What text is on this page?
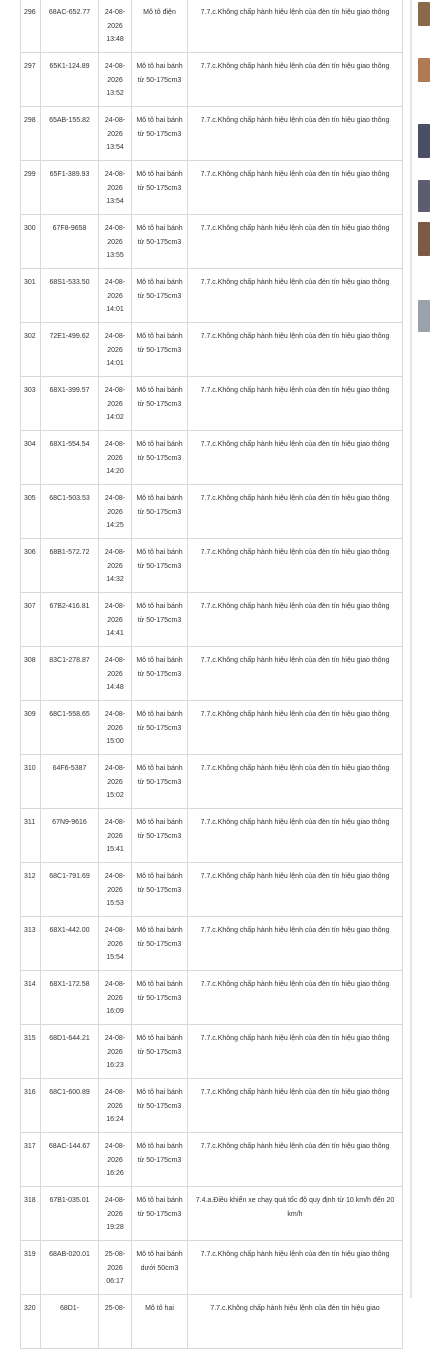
296	68AC-652.77	24-08-2026 13:48	Mô tô điện	7.7.c.Không chấp hành hiệu lệnh của đèn tín hiệu giao thông
297	65K1-124.89	24-08-2026 13:52	Mô tô hai bánh từ 50-175cm3	7.7.c.Không chấp hành hiệu lệnh của đèn tín hiệu giao thông
298	65AB-155.82	24-08-2026 13:54	Mô tô hai bánh từ 50-175cm3	7.7.c.Không chấp hành hiệu lệnh của đèn tín hiệu giao thông
299	65F1-389.93	24-08-2026 13:54	Mô tô hai bánh từ 50-175cm3	7.7.c.Không chấp hành hiệu lệnh của đèn tín hiệu giao thông
300	67F8-9658	24-08-2026 13:55	Mô tô hai bánh từ 50-175cm3	7.7.c.Không chấp hành hiệu lệnh của đèn tín hiệu giao thông
301	68S1-533.50	24-08-2026 14:01	Mô tô hai bánh từ 50-175cm3	7.7.c.Không chấp hành hiệu lệnh của đèn tín hiệu giao thông
302	72E1-499.62	24-08-2026 14:01	Mô tô hai bánh từ 50-175cm3	7.7.c.Không chấp hành hiệu lệnh của đèn tín hiệu giao thông
303	68X1-399.57	24-08-2026 14:02	Mô tô hai bánh từ 50-175cm3	7.7.c.Không chấp hành hiệu lệnh của đèn tín hiệu giao thông
304	68X1-554.54	24-08-2026 14:20	Mô tô hai bánh từ 50-175cm3	7.7.c.Không chấp hành hiệu lệnh của đèn tín hiệu giao thông
305	68C1-503.53	24-08-2026 14:25	Mô tô hai bánh từ 50-175cm3	7.7.c.Không chấp hành hiệu lệnh của đèn tín hiệu giao thông
306	68B1-572.72	24-08-2026 14:32	Mô tô hai bánh từ 50-175cm3	7.7.c.Không chấp hành hiệu lệnh của đèn tín hiệu giao thông
307	67B2-416.81	24-08-2026 14:41	Mô tô hai bánh từ 50-175cm3	7.7.c.Không chấp hành hiệu lệnh của đèn tín hiệu giao thông
308	83C1-278.87	24-08-2026 14:48	Mô tô hai bánh từ 50-175cm3	7.7.c.Không chấp hành hiệu lệnh của đèn tín hiệu giao thông
309	68C1-558.65	24-08-2026 15:00	Mô tô hai bánh từ 50-175cm3	7.7.c.Không chấp hành hiệu lệnh của đèn tín hiệu giao thông
310	64F6-5387	24-08-2026 15:02	Mô tô hai bánh từ 50-175cm3	7.7.c.Không chấp hành hiệu lệnh của đèn tín hiệu giao thông
311	67N9-9616	24-08-2026 15:41	Mô tô hai bánh từ 50-175cm3	7.7.c.Không chấp hành hiệu lệnh của đèn tín hiệu giao thông
312	68C1-791.69	24-08-2026 15:53	Mô tô hai bánh từ 50-175cm3	7.7.c.Không chấp hành hiệu lệnh của đèn tín hiệu giao thông
313	68X1-442.00	24-08-2026 15:54	Mô tô hai bánh từ 50-175cm3	7.7.c.Không chấp hành hiệu lệnh của đèn tín hiệu giao thông
314	68X1-172.58	24-08-2026 16:09	Mô tô hai bánh từ 50-175cm3	7.7.c.Không chấp hành hiệu lệnh của đèn tín hiệu giao thông
315	68D1-644.21	24-08-2026 16:23	Mô tô hai bánh từ 50-175cm3	7.7.c.Không chấp hành hiệu lệnh của đèn tín hiệu giao thông
316	68C1-600.89	24-08-2026 16:24	Mô tô hai bánh từ 50-175cm3	7.7.c.Không chấp hành hiệu lệnh của đèn tín hiệu giao thông
317	68AC-144.67	24-08-2026 16:26	Mô tô hai bánh từ 50-175cm3	7.7.c.Không chấp hành hiệu lệnh của đèn tín hiệu giao thông
318	67B1-035.01	24-08-2026 19:28	Mô tô hai bánh từ 50-175cm3	7.4.a.Điều khiển xe chạy quá tốc độ quy định từ 10 km/h đến 20 km/h
319	68AB-020.01	25-08-2026 06:17	Mô tô hai bánh dưới 50cm3	7.7.c.Không chấp hành hiệu lệnh của đèn tín hiệu giao thông
320	68D1-	25-08-	Mô tô hai	7.7.c.Không chấp hành hiệu lệnh của đèn tín hiệu giao
